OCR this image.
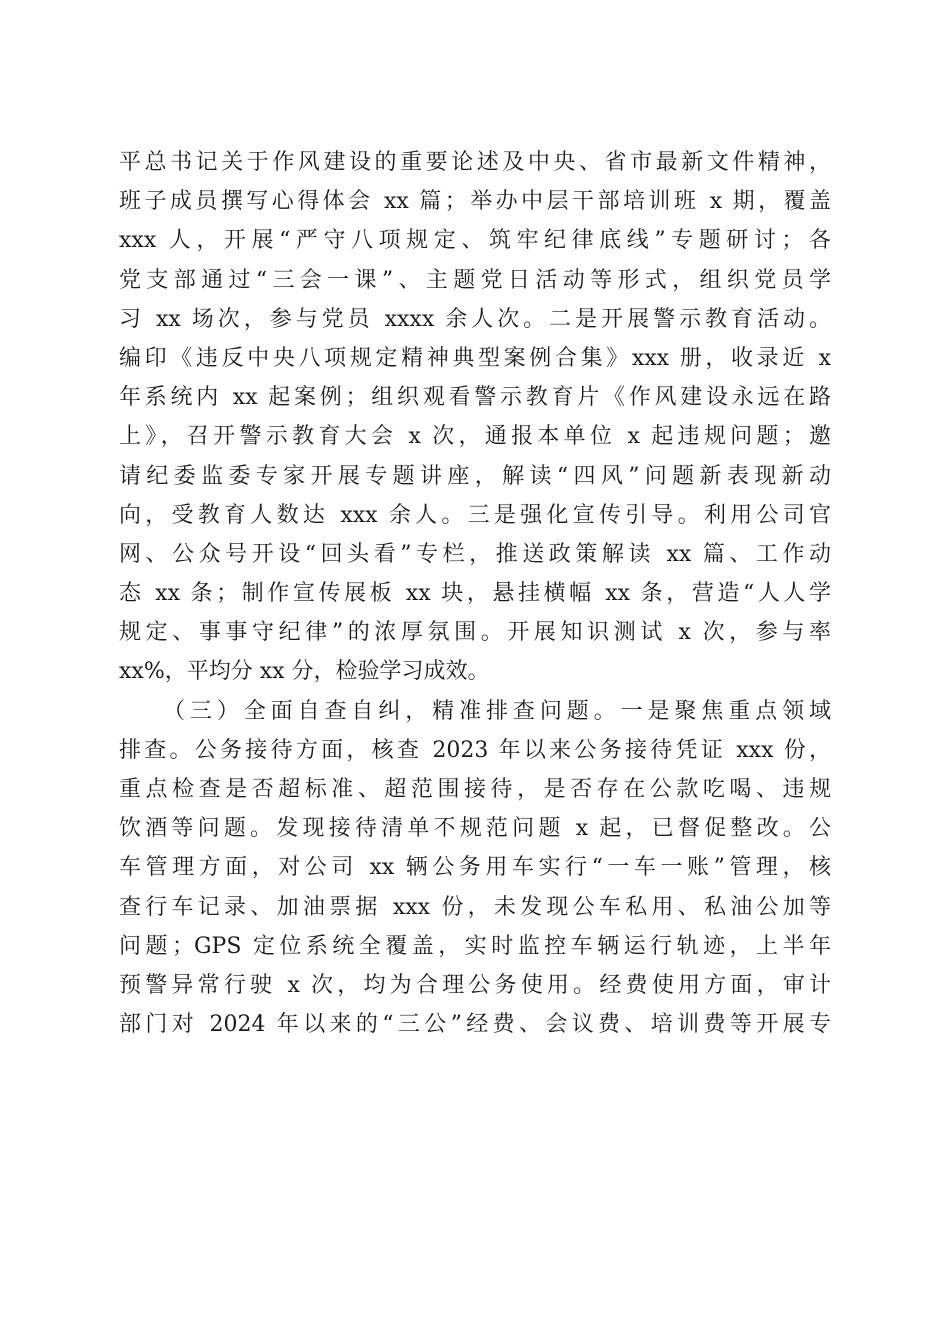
平总书记关于作风建设的重要论述及中央、省市最新文件精神，
班子成员撰写心得体会 xx 篇；举办中层干部培训班 x 期，覆盖
xxx 人，开展“严守八项规定、筑牢纪律底线”专题研讨；各
党支部通过“三会一课”、主题党日活动等形式，组织党员学
习 xx 场次，参与党员 xxxx 余人次。二是开展警示教育活动。
编印《违反中央八项规定精神典型案例合集》xxx 册，收录近 x
年系统内 xx 起案例；组织观看警示教育片《作风建设永远在路
上》，召开警示教育大会 x 次，通报本单位 x 起违规问题；邀
请纪委监委专家开展专题讲座，解读“四风”问题新表现新动
向，受教育人数达 xxx 余人。三是强化宣传引导。利用公司官
网、公众号开设“回头看”专栏，推送政策解读 xx 篇、工作动
态 xx 条；制作宣传展板 xx 块，悬挂横幅 xx 条，营造“人人学
规定、事事守纪律”的浓厚氛围。开展知识测试 x 次，参与率
xx%，平均分 xx 分，检验学习成效。
（三）全面自查自纠，精准排查问题。一是聚焦重点领域
排查。公务接待方面，核查 2023 年以来公务接待凭证 xxx 份，
重点检查是否超标准、超范围接待，是否存在公款吃喝、违规
饮酒等问题。发现接待清单不规范问题 x 起，已督促整改。公
车管理方面，对公司 xx 辆公务用车实行“一车一账”管理，核
查行车记录、加油票据 xxx 份，未发现公车私用、私油公加等
问题；GPS 定位系统全覆盖，实时监控车辆运行轨迹，上半年
预警异常行驶 x 次，均为合理公务使用。经费使用方面，审计
部门对 2024 年以来的“三公”经费、会议费、培训费等开展专
